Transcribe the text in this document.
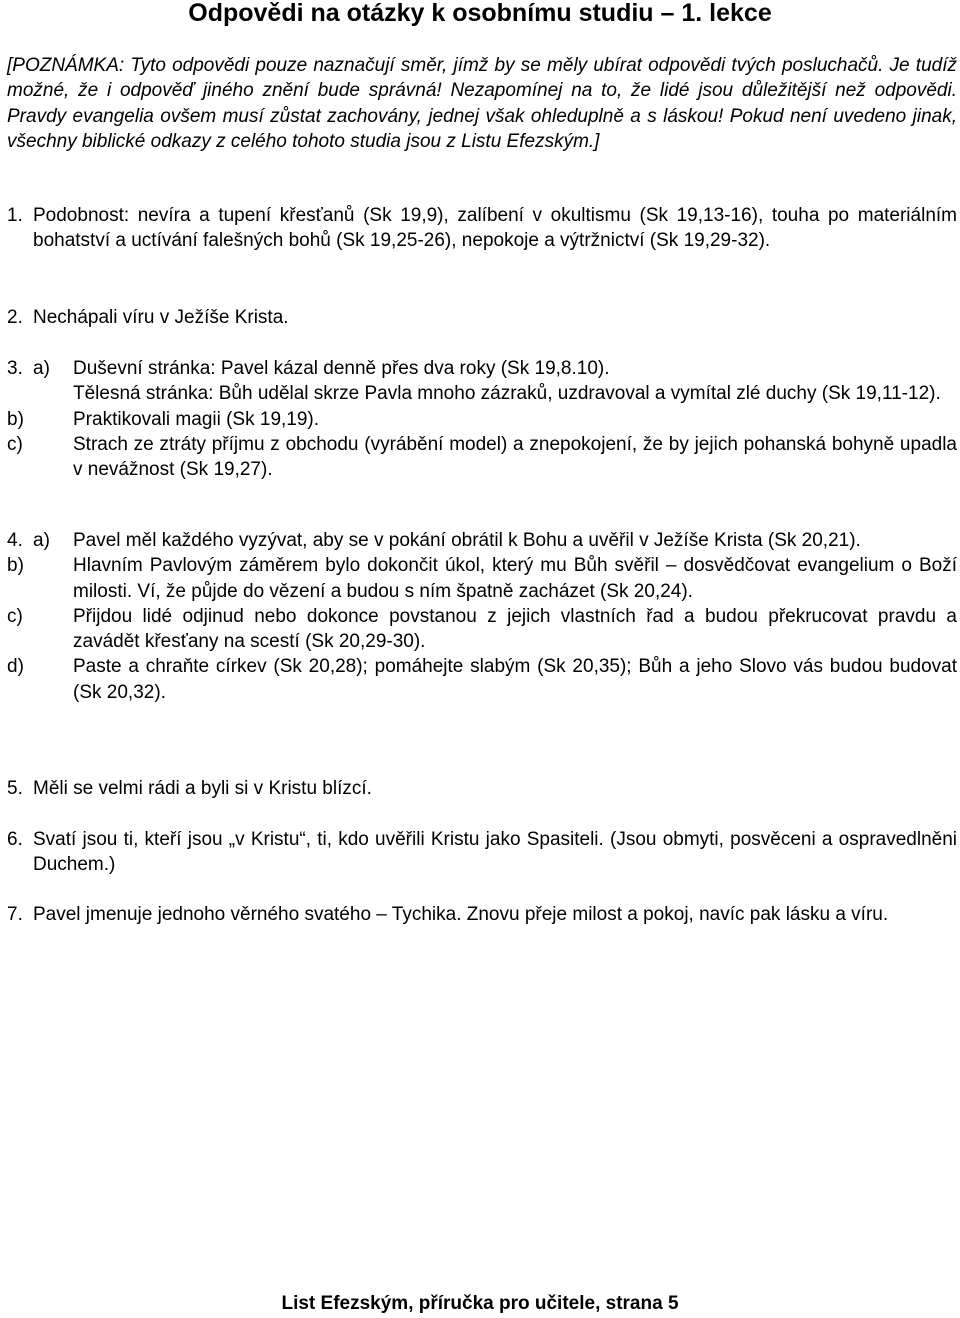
Odpovědi na otázky k osobnímu studiu – 1. lekce

[POZNÁMKA: Tyto odpovědi pouze naznačují směr, jímž by se měly ubírat odpovědi tvých posluchačů. Je tudíž možné, že i odpověď jiného znění bude správná! Nezapomínej na to, že lidé jsou důležitější než odpovědi. Pravdy evangelia ovšem musí zůstat zachovány, jednej však ohleduplně a s láskou! Pokud není uvedeno jinak, všechny biblické odkazy z celého tohoto studia jsou z Listu Efezským.]

1. Podobnost: nevíra a tupení křesťanů (Sk 19,9), zalíbení v okultismu (Sk 19,13-16), touha po materiálním bohatství a uctívání falešných bohů (Sk 19,25-26), nepokoje a výtržnictví (Sk 19,29-32).
2. Nechápali víru v Ježíše Krista.
3. a) Duševní stránka: Pavel kázal denně přes dva roky (Sk 19,8.10).
Tělesná stránka: Bůh udělal skrze Pavla mnoho zázraků, uzdravoval a vymítal zlé duchy (Sk 19,11-12).
b)	Praktikovali magii (Sk 19,19).
c)	Strach ze ztráty příjmu z obchodu (vyrábění model) a znepokojení, že by jejich pohanská bohyně upadla v nevážnost (Sk 19,27).
4. a) Pavel měl každého vyzývat, aby se v pokání obrátil k Bohu a uvěřil v Ježíše Krista (Sk 20,21).
b)	Hlavním Pavlovým záměrem bylo dokončit úkol, který mu Bůh svěřil – dosvědčovat evangelium o Boží milosti. Ví, že půjde do vězení a budou s ním špatně zacházet (Sk 20,24).
c)	Přijdou lidé odjinud nebo dokonce povstanou z jejich vlastních řad a budou překrucovat pravdu a zavádět křesťany na scestí (Sk 20,29-30).
d)	Paste a chraňte církev (Sk 20,28); pomáhejte slabým (Sk 20,35); Bůh a jeho Slovo vás budou budovat (Sk 20,32).
5. Měli se velmi rádi a byli si v Kristu blízcí.
6. Svatí jsou ti, kteří jsou „v Kristu“, ti, kdo uvěřili Kristu jako Spasiteli. (Jsou obmyti, posvěceni a ospravedlněni Duchem.)
7. Pavel jmenuje jednoho věrného svatého – Tychika. Znovu přeje milost a pokoj, navíc pak lásku a víru.
List Efezským, příručka pro učitele, strana 5
